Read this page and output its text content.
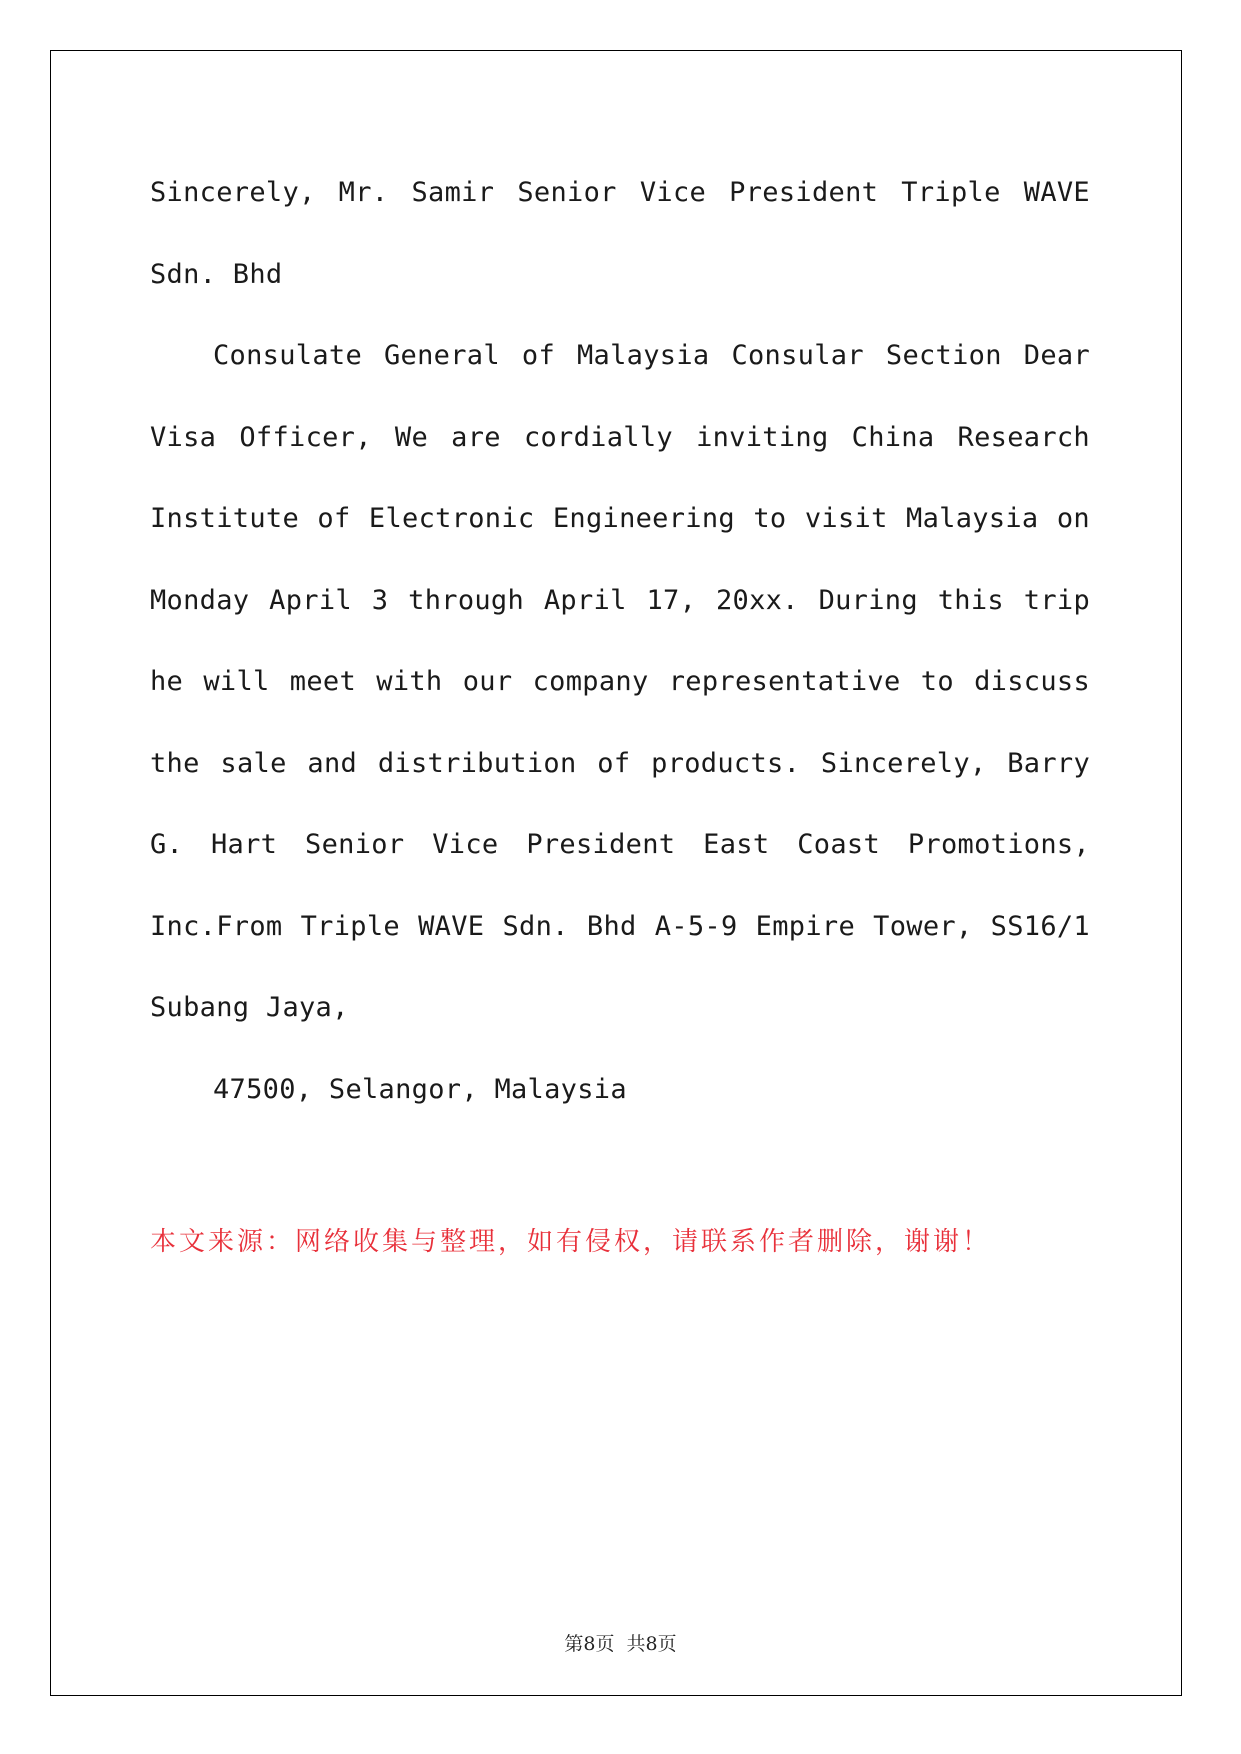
Sincerely, Mr. Samir Senior Vice President Triple WAVE Sdn. Bhd

Consulate General of Malaysia Consular Section Dear Visa Officer, We are cordially inviting China Research Institute of Electronic Engineering to visit Malaysia on Monday April 3 through April 17, 20xx. During this trip he will meet with our company representative to discuss the sale and distribution of products. Sincerely, Barry G. Hart Senior Vice President East Coast Promotions, Inc.From Triple WAVE Sdn. Bhd A-5-9 Empire Tower, SS16/1 Subang Jaya,

47500, Selangor, Malaysia

本文来源：网络收集与整理，如有侵权，请联系作者删除，谢谢！
第8页 共8页
